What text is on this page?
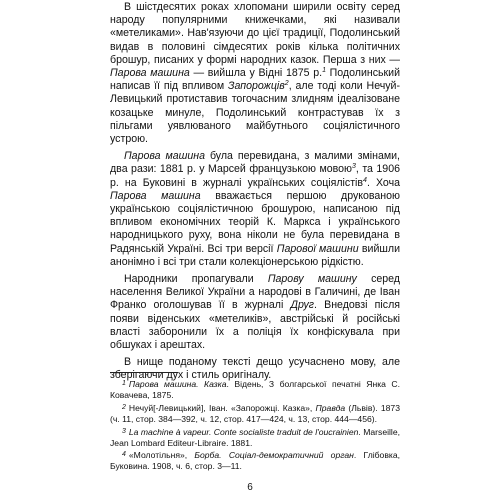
В шістдесятих роках хлопомани ширили освіту серед народу популярними книжечками, які називали «метеликами». Нав'язуючи до цієї традиції, Подолинський видав в половині сімдесятих років кілька політичних брошур, писаних у формі народних казок. Перша з них — Парова машина — вийшла у Відні 1875 р.$^1$ Подолинський написав її під впливом Запорожців$^2$, але тоді коли Нечуй-Левицький протиставив тогочасним злидням ідеалізоване козацьке минуле, Подолинський контрастував їх з пільгами уявлюваного майбутнього соціялістичного устрою.

Парова машина була перевидана, з малими змінами, два рази: 1881 р. у Марсей французькою мовою$^3$, та 1906 р. на Буковині в журналі українських соціялістів$^4$. Хоча Парова машина вважається першою друкованою українською соціялістичною брошурою, написаною під впливом економічних теорій К. Маркса і українського народницького руху, вона ніколи не була перевидана в Радянській Україні. Всі три версії Парової машини вийшли анонімно і всі три стали колекціонерською рідкістю.

Народники пропагували Парову машину серед населення Великої України а народові в Галичині, де Іван Франко оголошував її в журналі Друг. Внедовзі після появи віденських «метеликів», австрійські й російські власті заборонили їх а поліція їх конфіскувала при обшуках і арештах.

В нище поданому тексті дещо усучаснено мову, але зберігаючи дух і стиль оригіналу.

$^1$ Парова машина. Казка. Відень, З болгарської печатні Янка С. Ковачева, 1875.
$^2$ Нечуй[-Левицький], Іван. «Запорожці. Казка», Правда (Львів). 1873 (ч. 11, стор. 384—392, ч. 12, стор. 417—424, ч. 13, стор. 444—456).
$^3$ La machine à vapeur. Conte socialiste traduit de l'oucrainien. Marseille, Jean Lombard Editeur-Libraire. 1881.
$^4$ «Молотільня», Борба. Соціал-демократичний орган. Глібовка, Буковина. 1908, ч. 6, стор. 3—11.
6
